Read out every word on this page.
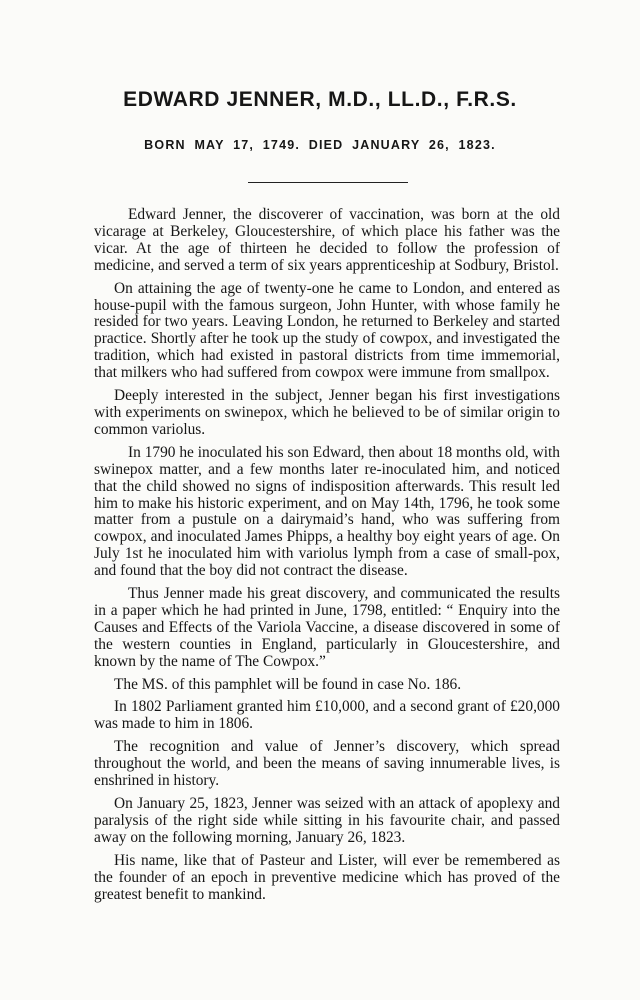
EDWARD JENNER, M.D., LL.D., F.R.S.
BORN MAY 17, 1749. DIED JANUARY 26, 1823.

Edward Jenner, the discoverer of vaccination, was born at the old vicarage at Berkeley, Gloucestershire, of which place his father was the vicar. At the age of thirteen he decided to follow the profession of medicine, and served a term of six years apprenticeship at Sodbury, Bristol.

On attaining the age of twenty-one he came to London, and entered as house-pupil with the famous surgeon, John Hunter, with whose family he resided for two years. Leaving London, he returned to Berkeley and started practice. Shortly after he took up the study of cowpox, and investigated the tradition, which had existed in pastoral districts from time immemorial, that milkers who had suffered from cowpox were immune from smallpox.

Deeply interested in the subject, Jenner began his first investigations with experiments on swinepox, which he believed to be of similar origin to common variolus.

In 1790 he inoculated his son Edward, then about 18 months old, with swinepox matter, and a few months later re-inoculated him, and noticed that the child showed no signs of indisposition afterwards. This result led him to make his historic experiment, and on May 14th, 1796, he took some matter from a pustule on a dairymaid’s hand, who was suffering from cowpox, and inoculated James Phipps, a healthy boy eight years of age. On July 1st he inoculated him with variolus lymph from a case of small-pox, and found that the boy did not contract the disease.

Thus Jenner made his great discovery, and communicated the results in a paper which he had printed in June, 1798, entitled: “ Enquiry into the Causes and Effects of the Variola Vaccine, a disease discovered in some of the western counties in England, particularly in Gloucestershire, and known by the name of The Cowpox.”

The MS. of this pamphlet will be found in case No. 186.

In 1802 Parliament granted him £10,000, and a second grant of £20,000 was made to him in 1806.

The recognition and value of Jenner’s discovery, which spread throughout the world, and been the means of saving innumerable lives, is enshrined in history.

On January 25, 1823, Jenner was seized with an attack of apoplexy and paralysis of the right side while sitting in his favourite chair, and passed away on the following morning, January 26, 1823.

His name, like that of Pasteur and Lister, will ever be remembered as the founder of an epoch in preventive medicine which has proved of the greatest benefit to mankind.
